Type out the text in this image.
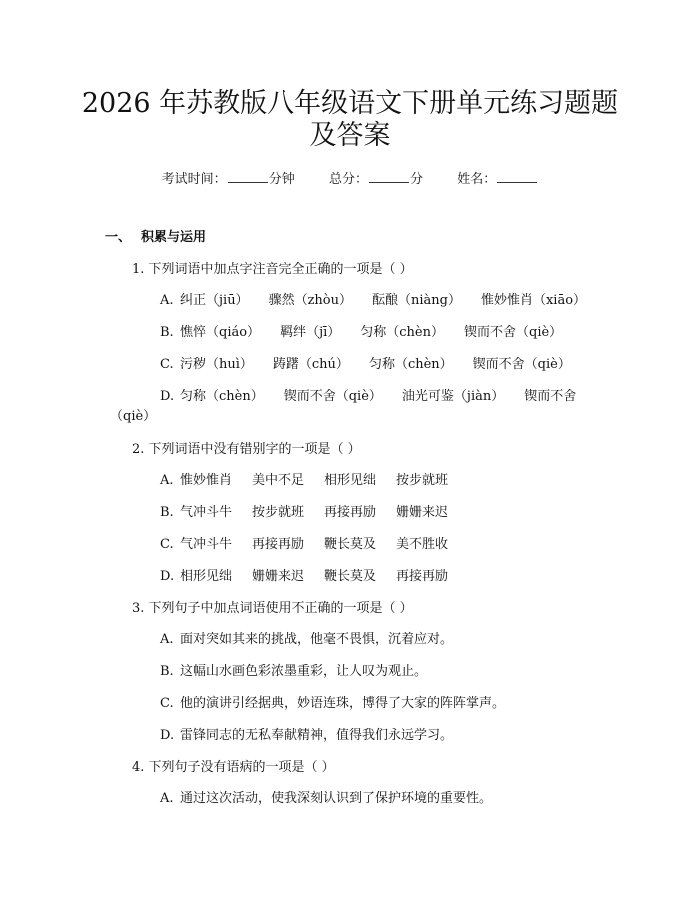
2026 年苏教版八年级语文下册单元练习题题
及答案
考试时间：	分钟	总分：	分	姓名：
一、 积累与运用
1. 下列词语中加点字注音完全正确的一项是（ ）
A. 纠正（jiū） 骤然（zhòu） 酝酿（niàng） 惟妙惟肖（xiāo）
B. 憔悴（qiáo） 羁绊（jī） 匀称（chèn） 锲而不舍（qiè）
C. 污秽（huì） 踌躇（chú） 匀称（chèn） 锲而不舍（qiè）
D. 匀称（chèn） 锲而不舍（qiè） 油光可鉴（jiàn） 锲而不舍
（qiè）
2. 下列词语中没有错别字的一项是（ ）
A. 惟妙惟肖 美中不足 相形见绌 按步就班
B. 气冲斗牛 按步就班 再接再励 姗姗来迟
C. 气冲斗牛 再接再励 鞭长莫及 美不胜收
D. 相形见绌 姗姗来迟 鞭长莫及 再接再励
3. 下列句子中加点词语使用不正确的一项是（ ）
A. 面对突如其来的挑战，他毫不畏惧，沉着应对。
B. 这幅山水画色彩浓墨重彩，让人叹为观止。
C. 他的演讲引经据典，妙语连珠，博得了大家的阵阵掌声。
D. 雷锋同志的无私奉献精神，值得我们永远学习。
4. 下列句子没有语病的一项是（ ）
A. 通过这次活动，使我深刻认识到了保护环境的重要性。
